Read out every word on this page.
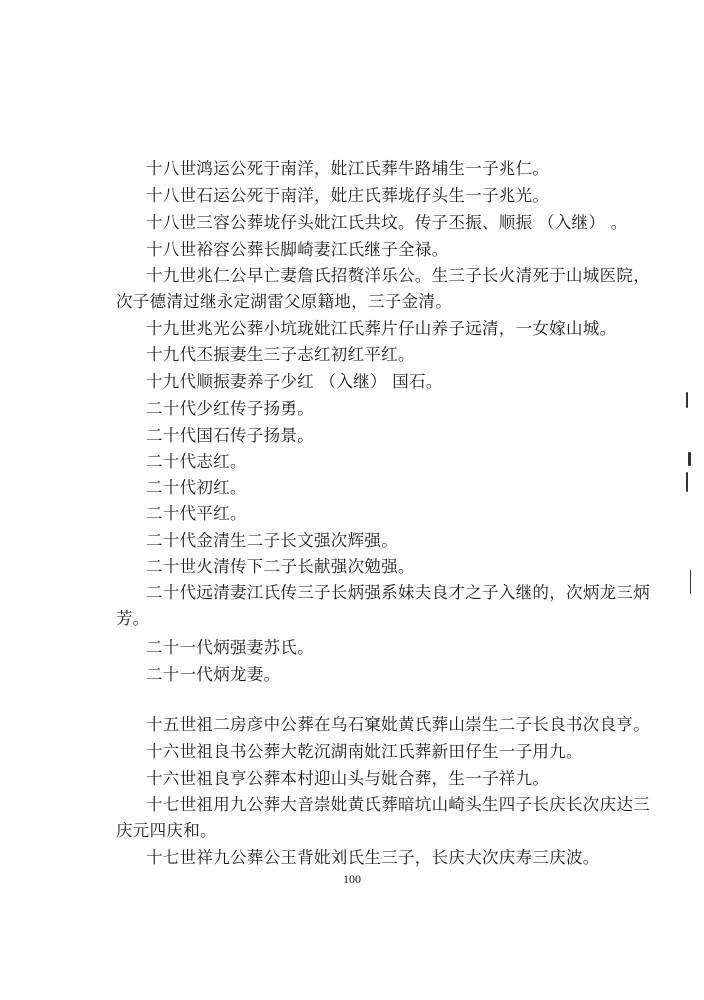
十八世鸿运公死于南洋，妣江氏葬牛路埔生一子兆仁。

十八世石运公死于南洋，妣庄氏葬垅仔头生一子兆光。

十八世三容公葬垅仔头妣江氏共坟。传子丕振、顺振 （入继） 。

十八世裕容公葬长脚崎妻江氏继子全禄。

十九世兆仁公早亡妻詹氏招赘洋乐公。生三子长火清死于山城医院，次子德清过继永定湖雷父原籍地，三子金清。

十九世兆光公葬小坑珑妣江氏葬片仔山养子远清，一女嫁山城。

十九代丕振妻生三子志红初红平红。

十九代顺振妻养子少红 （入继） 国石。

二十代少红传子扬勇。

二十代国石传子扬景。

二十代志红。

二十代初红。

二十代平红。

二十代金清生二子长文强次辉强。

二十世火清传下二子长献强次勉强。

二十代远清妻江氏传三子长炳强系妹夫良才之子入继的，次炳龙三炳芳。

二十一代炳强妻苏氏。

二十一代炳龙妻。

十五世祖二房彦中公葬在乌石窠妣黄氏葬山崇生二子长良书次良亨。

十六世祖良书公葬大乾沉湖南妣江氏葬新田仔生一子用九。

十六世祖良亨公葬本村迎山头与妣合葬，生一子祥九。

十七世祖用九公葬大音崇妣黄氏葬暗坑山崎头生四子长庆长次庆达三庆元四庆和。

十七世祥九公葬公王背妣刘氏生三子，长庆大次庆寿三庆波。

100
